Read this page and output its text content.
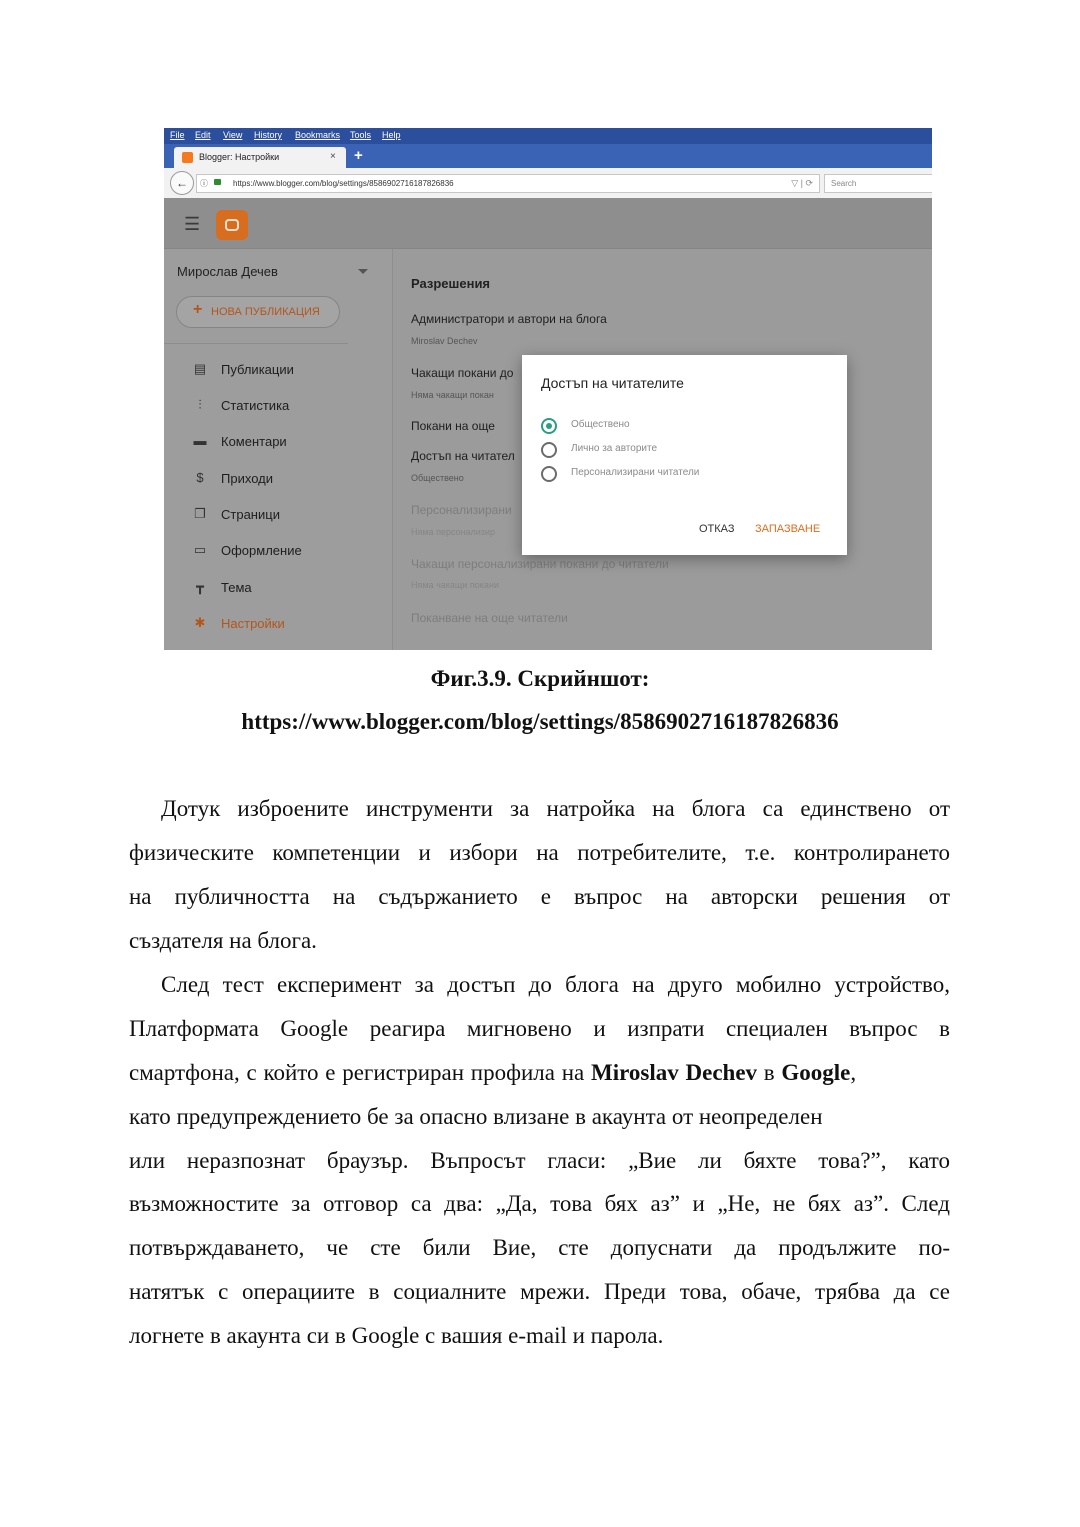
File Edit View History Bookmarks Tools Help
Blogger: Настройки	× +
←	ⓘ	https://www.blogger.com/blog/settings/8586902716187826836	▽ | ⟳ Search
☰
Мирослав Дечев
+ НОВА ПУБЛИКАЦИЯ
▤ Публикации
⫶	Статистика
▬ Коментари
$	Приходи
❐ Страници
▭ Оформление
┳	Тема
✱ Настройки
Разрешения
Администратори и автори на блога
Miroslav Dechev
Чакащи покани до
Няма чакащи покан
Покани на още
Достъп на читател
Обществено
Персонализирани
Няма персонализир
Чакащи персонализирани покани до читатели
Няма чакащи покани
Поканване на още читатели
Достъп на читателите
Обществено
Лично за авторите
Персонализирани читатели
ОТКАЗ ЗАПАЗВАНЕ
Фиг.3.9. Скрийншот:
https://www.blogger.com/blog/settings/8586902716187826836
Дотук изброените инструменти за натройка на блога са единствено от
физическите компетенции и избори на потребителите, т.е. контролирането
на публичността на съдържанието е въпрос на авторски решения от
създателя на блога.
След тест експеримент за достъп до блога на друго мобилно устройство,
Платформата Google реагира мигновено и изпрати специален въпрос в
смартфона, с който е регистриран профила на Miroslav Dechev в Google,
като предупреждението бе за опасно влизане в акаунта от неопределен
или неразпознат браузър. Въпросът гласи: „Вие ли бяхте това?”, като
възможностите за отговор са два: „Да, това бях аз” и „Не, не бях аз”. След
потвърждаването, че сте били Вие, сте допуснати да продължите по-
натятък с операциите в социалните мрежи. Преди това, обаче, трябва да се
логнете в акаунта си в Google с вашия e-mail и парола.
